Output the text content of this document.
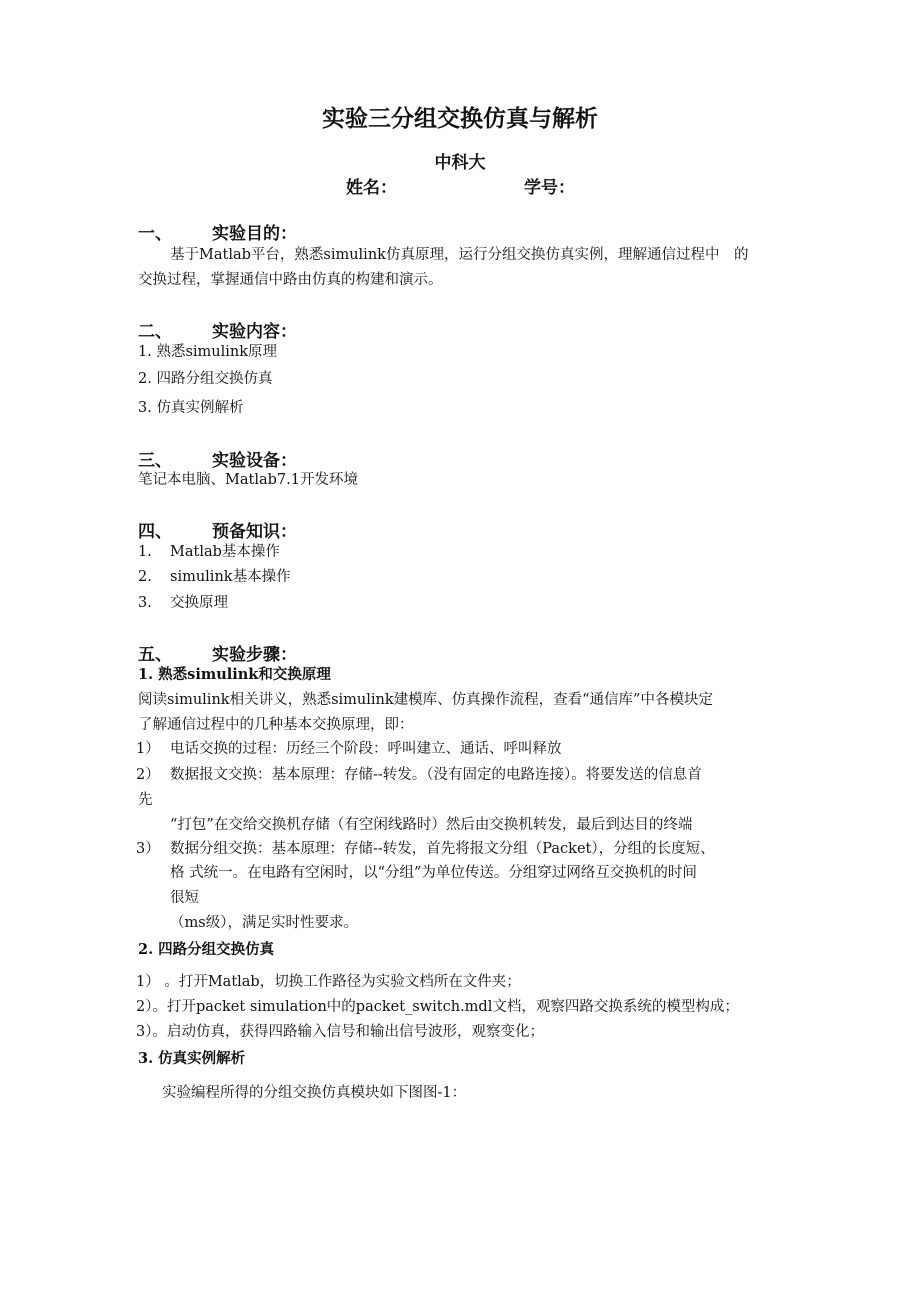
实验三分组交换仿真与解析
中科大
姓名：	学号：
一、 实验目的：
基于Matlab平台，熟悉simulink仿真原理，运行分组交换仿真实例，理解通信过程中　的
交换过程，掌握通信中路由仿真的构建和演示。
二、 实验内容：
1. 熟悉simulink原理
2. 四路分组交换仿真
3. 仿真实例解析
三、 实验设备：
笔记本电脑、Matlab7.1开发环境
四、 预备知识：
1. Matlab基本操作
2. simulink基本操作
3. 交换原理
五、 实验步骤：
1. 熟悉simulink和交换原理
阅读simulink相关讲义，熟悉simulink建模库、仿真操作流程，查看“通信库”中各模块定
了解通信过程中的几种基本交换原理，即：
1） 电话交换的过程：历经三个阶段：呼叫建立、通话、呼叫释放
2） 数据报文交换：基本原理：存储--转发。（没有固定的电路连接）。将要发送的信息首
先
“打包”在交给交换机存储（有空闲线路时）然后由交换机转发，最后到达目的终端
3） 数据分组交换：基本原理：存储--转发，首先将报文分组（Packet），分组的长度短、
格 式统一。在电路有空闲时，以“分组”为单位传送。分组穿过网络互交换机的时间
很短
（ms级），满足实时性要求。
2. 四路分组交换仿真
1） 。打开Matlab，切换工作路径为实验文档所在文件夹；
2）。打开packet simulation中的packet_switch.mdl文档，观察四路交换系统的模型构成；
3）。启动仿真，获得四路输入信号和输出信号波形，观察变化；
3. 仿真实例解析
实验编程所得的分组交换仿真模块如下图图-1：
